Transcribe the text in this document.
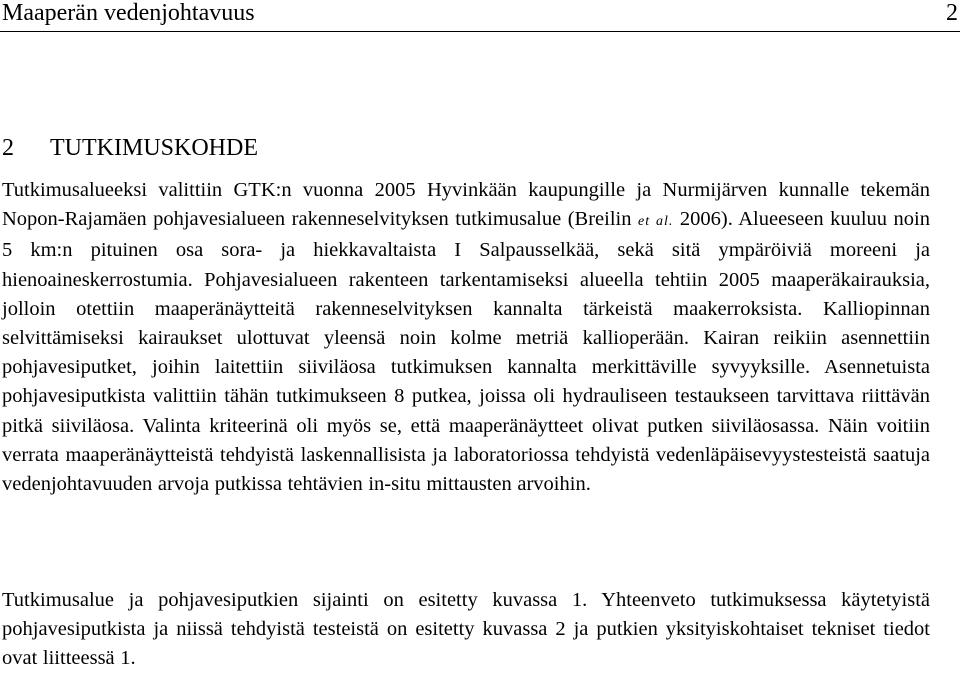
Maaperän vedenjohtavuus	2
2 TUTKIMUSKOHDE

Tutkimusalueeksi valittiin GTK:n vuonna 2005 Hyvinkään kaupungille ja Nurmijärven kunnalle tekemän Nopon-Rajamäen pohjavesialueen rakenneselvityksen tutkimusalue (Breilin et al. 2006). Alueeseen kuuluu noin 5 km:n pituinen osa sora- ja hiekkavaltaista I Salpausselkää, sekä sitä ympäröiviä moreeni ja hienoaineskerrostumia. Pohjavesialueen rakenteen tarkentamiseksi alueella tehtiin 2005 maaperäkairauksia, jolloin otettiin maaperänäytteitä rakenneselvityksen kannalta tärkeistä maakerroksista. Kalliopinnan selvittämiseksi kairaukset ulottuvat yleensä noin kolme metriä kallioperään. Kairan reikiin asennettiin pohjavesiputket, joihin laitettiin siiviläosa tutkimuksen kannalta merkittäville syvyyksille. Asennetuista pohjavesiputkista valittiin tähän tutkimukseen 8 putkea, joissa oli hydrauliseen testaukseen tarvittava riittävän pitkä siiviläosa. Valinta kriteerinä oli myös se, että maaperänäytteet olivat putken siiviläosassa. Näin voitiin verrata maaperänäytteistä tehdyistä laskennallisista ja laboratoriossa tehdyistä vedenläpäisevyystesteistä saatuja vedenjohtavuuden arvoja putkissa tehtävien in-situ mittausten arvoihin.

Tutkimusalue ja pohjavesiputkien sijainti on esitetty kuvassa 1. Yhteenveto tutkimuksessa käytetyistä pohjavesiputkista ja niissä tehdyistä testeistä on esitetty kuvassa 2 ja putkien yksityiskohtaiset tekniset tiedot ovat liitteessä 1.
